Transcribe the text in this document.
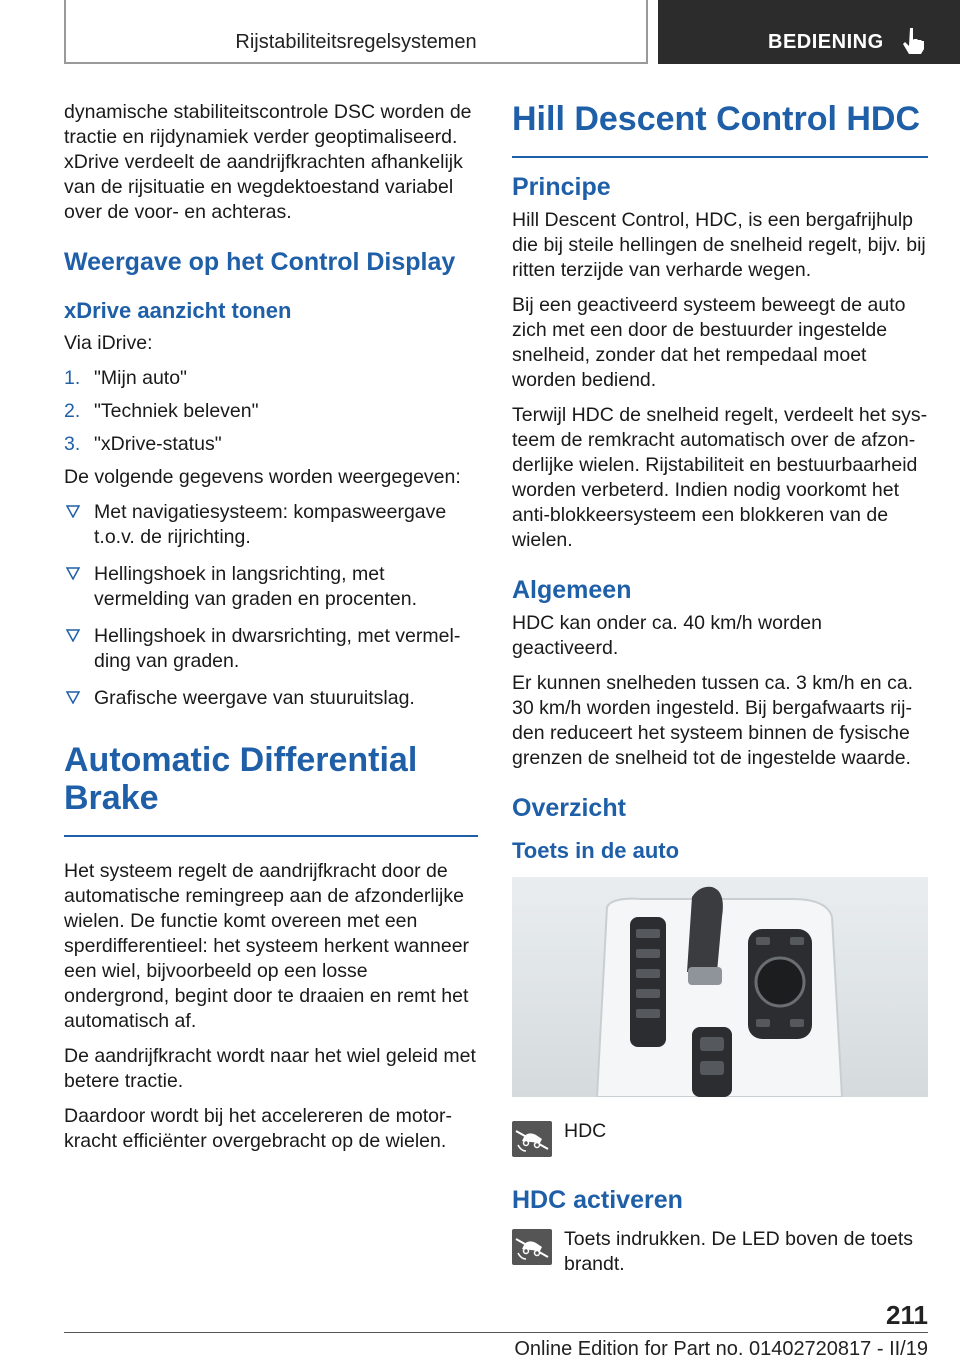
Rijstabiliteitsregelsystemen	BEDIENING

dynamische stabiliteitscontrole DSC worden de tractie en rijdynamiek verder geoptimaliseerd. xDrive verdeelt de aandrijfkrachten afhankelijk van de rijsituatie en wegdektoestand variabel over de voor- en achteras.

Weergave op het Control Display
xDrive aanzicht tonen

Via iDrive:

1. "Mijn auto"
2. "Techniek beleven"
3. "xDrive-status"

De volgende gegevens worden weergegeven:

Met navigatiesysteem: kompasweergave t.o.v. de rijrichting.
Hellingshoek in langsrichting, met vermelding van graden en procenten.
Hellingshoek in dwarsrichting, met vermelding van graden.
Grafische weergave van stuuruitslag.
Automatic Differential Brake

Het systeem regelt de aandrijfkracht door de automatische remingreep aan de afzonderlijke wielen. De functie komt overeen met een sperdifferentieel: het systeem herkent wanneer een wiel, bijvoorbeeld op een losse ondergrond, begint door te draaien en remt het automatisch af.

De aandrijfkracht wordt naar het wiel geleid met betere tractie.

Daardoor wordt bij het accelereren de motorkracht efficiënter overgebracht op de wielen.

Hill Descent Control HDC
Principe

Hill Descent Control, HDC, is een bergafrijhulp die bij steile hellingen de snelheid regelt, bijv. bij ritten terzijde van verharde wegen.

Bij een geactiveerd systeem beweegt de auto zich met een door de bestuurder ingestelde snelheid, zonder dat het rempedaal moet worden bediend.

Terwijl HDC de snelheid regelt, verdeelt het systeem de remkracht automatisch over de afzonderlijke wielen. Rijstabiliteit en bestuurbaarheid worden verbeterd. Indien nodig voorkomt het anti-blokkeersysteem een blokkeren van de wielen.

Algemeen

HDC kan onder ca. 40 km/h worden geactiveerd.

Er kunnen snelheden tussen ca. 3 km/h en ca. 30 km/h worden ingesteld. Bij bergafwaarts rijden reduceert het systeem binnen de fysische grenzen de snelheid tot de ingestelde waarde.

Overzicht
Toets in de auto

HDC

HDC activeren

Toets indrukken. De LED boven de toets brandt.

211
Online Edition for Part no. 01402720817 - II/19
